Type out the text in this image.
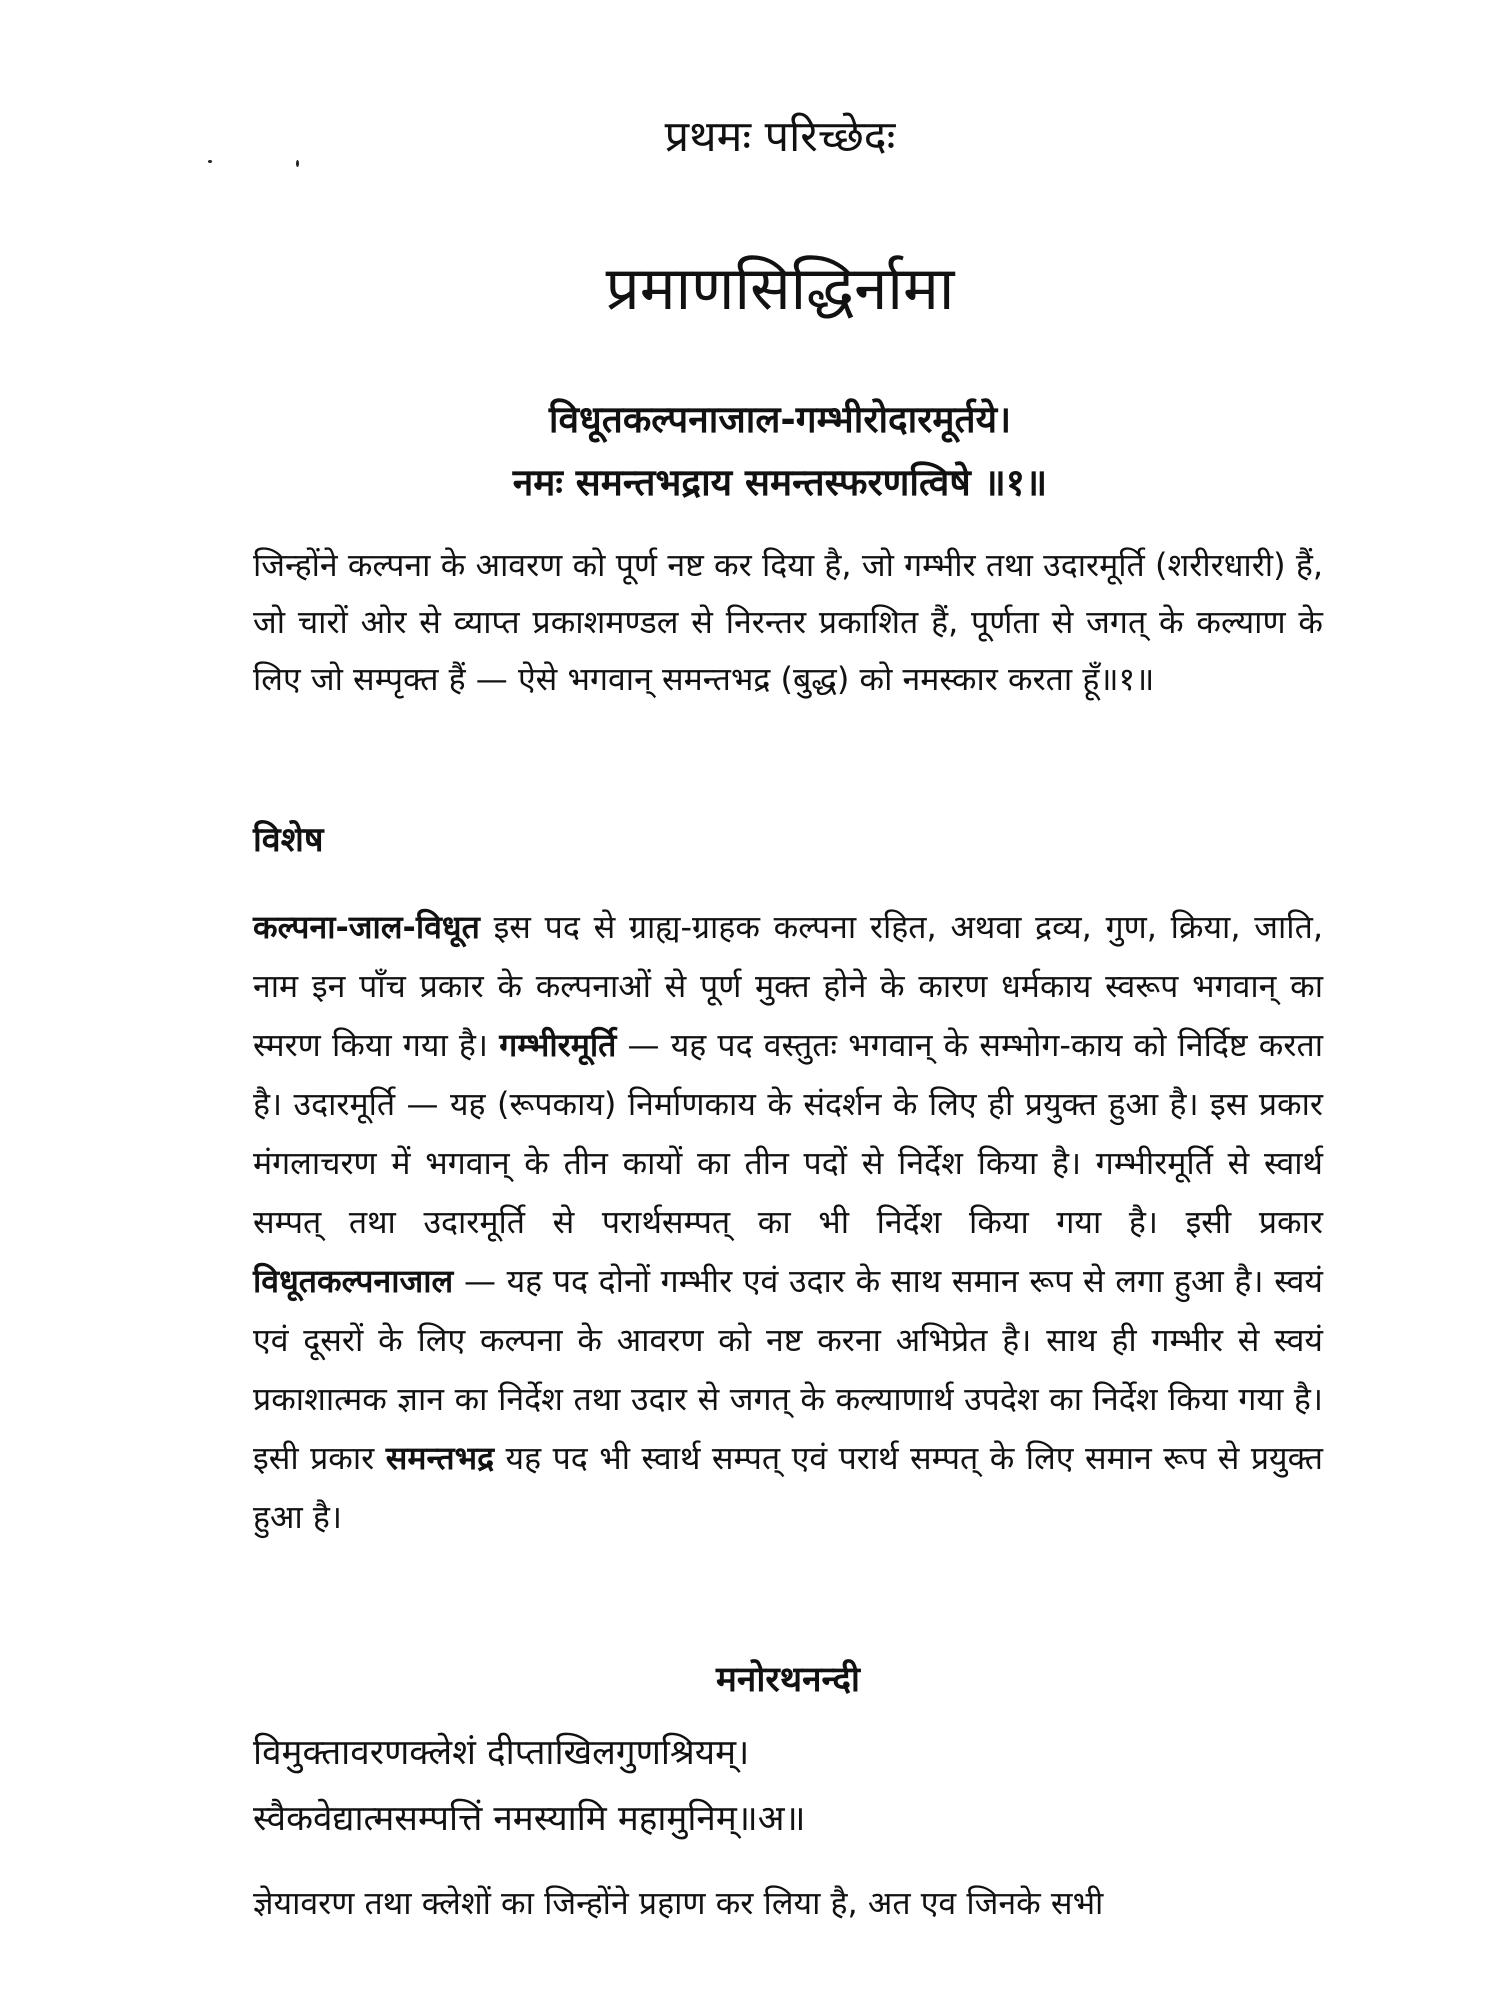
प्रथमः परिच्छेदः
प्रमाणसिद्धिर्नामा
विधूतकल्पनाजाल-गम्भीरोदारमूर्तये।
नमः समन्तभद्राय समन्तस्फरणत्विषे ॥१॥

जिन्होंने कल्पना के आवरण को पूर्ण नष्ट कर दिया है, जो गम्भीर तथा उदारमूर्ति (शरीरधारी) हैं, जो चारों ओर से व्याप्त प्रकाशमण्डल से निरन्तर प्रकाशित हैं, पूर्णता से जगत् के कल्याण के लिए जो सम्पृक्त हैं — ऐसे भगवान् समन्तभद्र (बुद्ध) को नमस्कार करता हूँ॥१॥

विशेष

कल्पना-जाल-विधूत इस पद से ग्राह्य-ग्राहक कल्पना रहित, अथवा द्रव्य, गुण, क्रिया, जाति, नाम इन पाँच प्रकार के कल्पनाओं से पूर्ण मुक्त होने के कारण धर्मकाय स्वरूप भगवान् का स्मरण किया गया है। गम्भीरमूर्ति — यह पद वस्तुतः भगवान् के सम्भोग-काय को निर्दिष्ट करता है। उदारमूर्ति — यह (रूपकाय) निर्माणकाय के संदर्शन के लिए ही प्रयुक्त हुआ है। इस प्रकार मंगलाचरण में भगवान् के तीन कायों का तीन पदों से निर्देश किया है। गम्भीरमूर्ति से स्वार्थ सम्पत् तथा उदारमूर्ति से परार्थसम्पत् का भी निर्देश किया गया है। इसी प्रकार विधूतकल्पनाजाल — यह पद दोनों गम्भीर एवं उदार के साथ समान रूप से लगा हुआ है। स्वयं एवं दूसरों के लिए कल्पना के आवरण को नष्ट करना अभिप्रेत है। साथ ही गम्भीर से स्वयं प्रकाशात्मक ज्ञान का निर्देश तथा उदार से जगत् के कल्याणार्थ उपदेश का निर्देश किया गया है। इसी प्रकार समन्तभद्र यह पद भी स्वार्थ सम्पत् एवं परार्थ सम्पत् के लिए समान रूप से प्रयुक्त हुआ है।

मनोरथनन्दी
विमुक्तावरणक्लेशं दीप्ताखिलगुणश्रियम्।
स्वैकवेद्यात्मसम्पत्तिं नमस्यामि महामुनिम्॥अ॥

ज्ञेयावरण तथा क्लेशों का जिन्होंने प्रहाण कर लिया है, अत एव जिनके सभी
